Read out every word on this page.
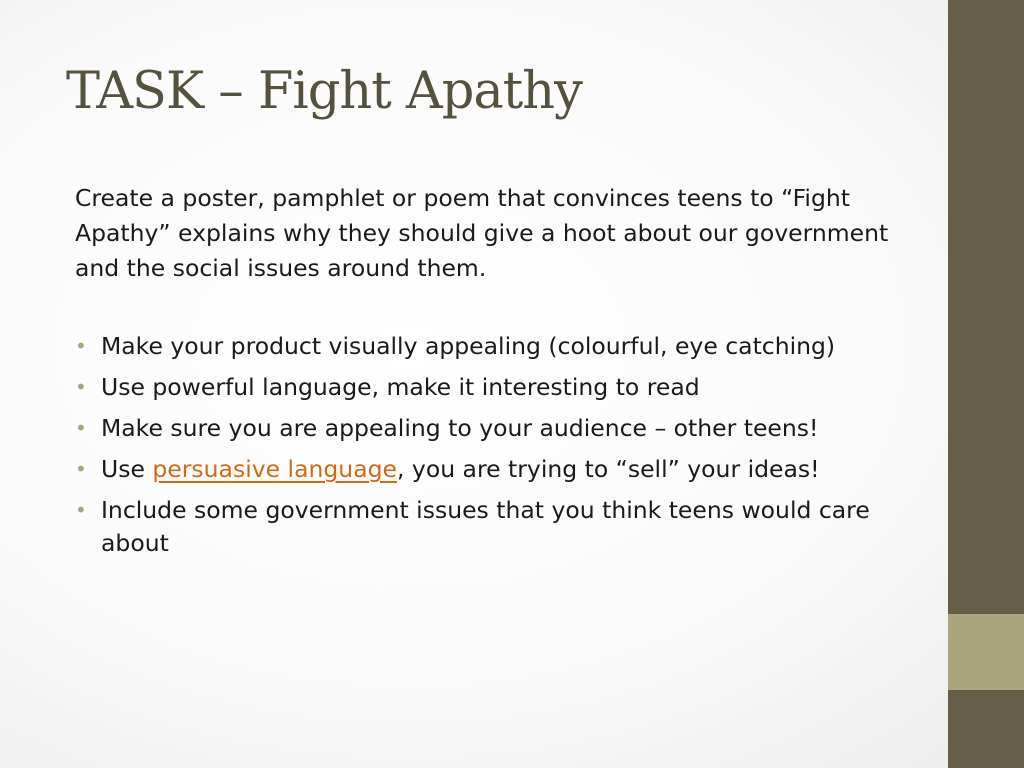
TASK – Fight Apathy

Create a poster, pamphlet or poem that convinces teens to “Fight Apathy” explains why they should give a hoot about our government and the social issues around them.

• Make your product visually appealing (colourful, eye catching)
• Use powerful language, make it interesting to read
• Make sure you are appealing to your audience – other teens!
• Use persuasive language, you are trying to “sell” your ideas!
• Include some government issues that you think teens would care about
